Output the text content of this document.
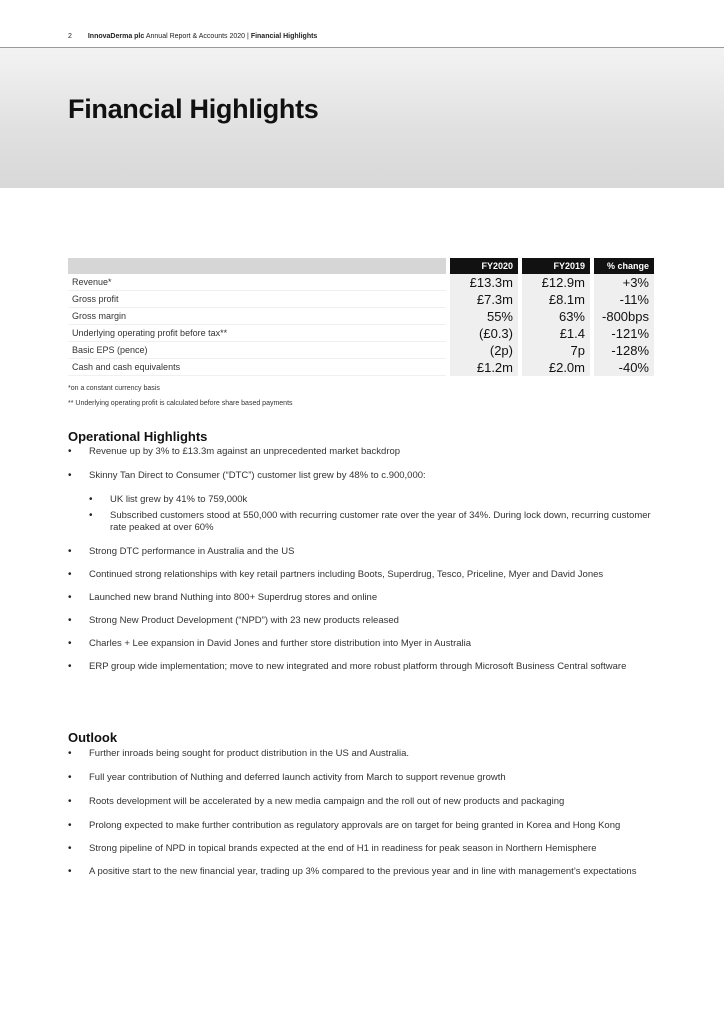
2 InnovaDerma plc Annual Report & Accounts 2020 | Financial Highlights
Financial Highlights
		FY2020		FY2019		% change
Revenue*		£13.3m		£12.9m		+3%
Gross profit		£7.3m		£8.1m		-11%
Gross margin		55%		63%		-800bps
Underlying operating profit before tax**		(£0.3)		£1.4		-121%
Basic EPS (pence)		(2p)		7p		-128%
Cash and cash equivalents		£1.2m		£2.0m		-40%
*on a constant currency basis
** Underlying operating profit is calculated before share based payments
Operational Highlights
• Revenue up by 3% to £13.3m against an unprecedented market backdrop
• Skinny Tan Direct to Consumer (“DTC”) customer list grew by 48% to c.900,000:
• UK list grew by 41% to 759,000k
• Subscribed customers stood at 550,000 with recurring customer rate over the year of 34%. During lock down, recurring customer rate peaked at over 60%
• Strong DTC performance in Australia and the US
• Continued strong relationships with key retail partners including Boots, Superdrug, Tesco, Priceline, Myer and David Jones
• Launched new brand Nuthing into 800+ Superdrug stores and online
• Strong New Product Development (“NPD”) with 23 new products released
• Charles + Lee expansion in David Jones and further store distribution into Myer in Australia
• ERP group wide implementation; move to new integrated and more robust platform through Microsoft Business Central software
Outlook
• Further inroads being sought for product distribution in the US and Australia.
• Full year contribution of Nuthing and deferred launch activity from March to support revenue growth
• Roots development will be accelerated by a new media campaign and the roll out of new products and packaging
• Prolong expected to make further contribution as regulatory approvals are on target for being granted in Korea and Hong Kong
• Strong pipeline of NPD in topical brands expected at the end of H1 in readiness for peak season in Northern Hemisphere
• A positive start to the new financial year, trading up 3% compared to the previous year and in line with management’s expectations
